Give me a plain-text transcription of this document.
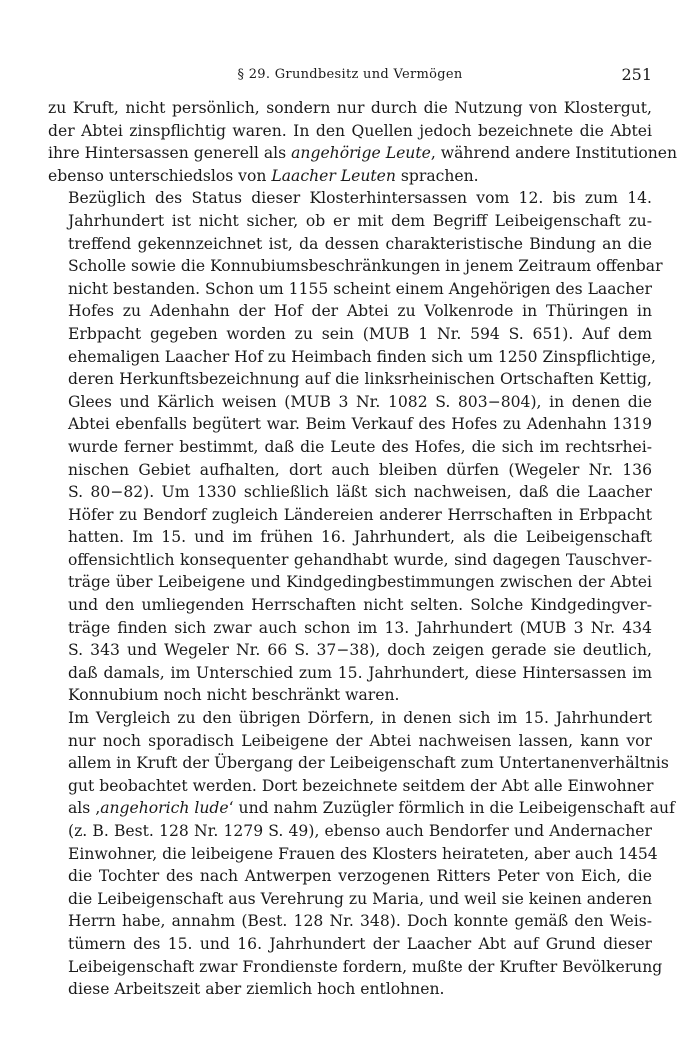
§ 29. Grundbesitz und Vermögen	251

zu Kruft, nicht persönlich, sondern nur durch die Nutzung von Klostergut,
der Abtei zinspflichtig waren. In den Quellen jedoch bezeichnete die Abtei
ihre Hintersassen generell als angehörige Leute, während andere Institutionen
ebenso unterschiedslos von Laacher Leuten sprachen.

Bezüglich des Status dieser Klosterhintersassen vom 12. bis zum 14.
Jahrhundert ist nicht sicher, ob er mit dem Begriff Leibeigenschaft zu-
treffend gekennzeichnet ist, da dessen charakteristische Bindung an die
Scholle sowie die Konnubiumsbeschränkungen in jenem Zeitraum offenbar
nicht bestanden. Schon um 1155 scheint einem Angehörigen des Laacher
Hofes zu Adenhahn der Hof der Abtei zu Volkenrode in Thüringen in
Erbpacht gegeben worden zu sein (MUB 1 Nr. 594 S. 651). Auf dem
ehemaligen Laacher Hof zu Heimbach finden sich um 1250 Zinspflichtige,
deren Herkunftsbezeichnung auf die linksrheinischen Ortschaften Kettig,
Glees und Kärlich weisen (MUB 3 Nr. 1082 S. 803−804), in denen die
Abtei ebenfalls begütert war. Beim Verkauf des Hofes zu Adenhahn 1319
wurde ferner bestimmt, daß die Leute des Hofes, die sich im rechtsrhei-
nischen Gebiet aufhalten, dort auch bleiben dürfen (Wegeler Nr. 136
S. 80−82). Um 1330 schließlich läßt sich nachweisen, daß die Laacher
Höfer zu Bendorf zugleich Ländereien anderer Herrschaften in Erbpacht
hatten. Im 15. und im frühen 16. Jahrhundert, als die Leibeigenschaft
offensichtlich konsequenter gehandhabt wurde, sind dagegen Tauschver-
träge über Leibeigene und Kindgedingbestimmungen zwischen der Abtei
und den umliegenden Herrschaften nicht selten. Solche Kindgedingver-
träge finden sich zwar auch schon im 13. Jahrhundert (MUB 3 Nr. 434
S. 343 und Wegeler Nr. 66 S. 37−38), doch zeigen gerade sie deutlich,
daß damals, im Unterschied zum 15. Jahrhundert, diese Hintersassen im
Konnubium noch nicht beschränkt waren.

Im Vergleich zu den übrigen Dörfern, in denen sich im 15. Jahrhundert
nur noch sporadisch Leibeigene der Abtei nachweisen lassen, kann vor
allem in Kruft der Übergang der Leibeigenschaft zum Untertanenverhältnis
gut beobachtet werden. Dort bezeichnete seitdem der Abt alle Einwohner
als ‚angehorich lude‘ und nahm Zuzügler förmlich in die Leibeigenschaft auf
(z. B. Best. 128 Nr. 1279 S. 49), ebenso auch Bendorfer und Andernacher
Einwohner, die leibeigene Frauen des Klosters heirateten, aber auch 1454
die Tochter des nach Antwerpen verzogenen Ritters Peter von Eich, die
die Leibeigenschaft aus Verehrung zu Maria, und weil sie keinen anderen
Herrn habe, annahm (Best. 128 Nr. 348). Doch konnte gemäß den Weis-
tümern des 15. und 16. Jahrhundert der Laacher Abt auf Grund dieser
Leibeigenschaft zwar Frondienste fordern, mußte der Krufter Bevölkerung
diese Arbeitszeit aber ziemlich hoch entlohnen.
